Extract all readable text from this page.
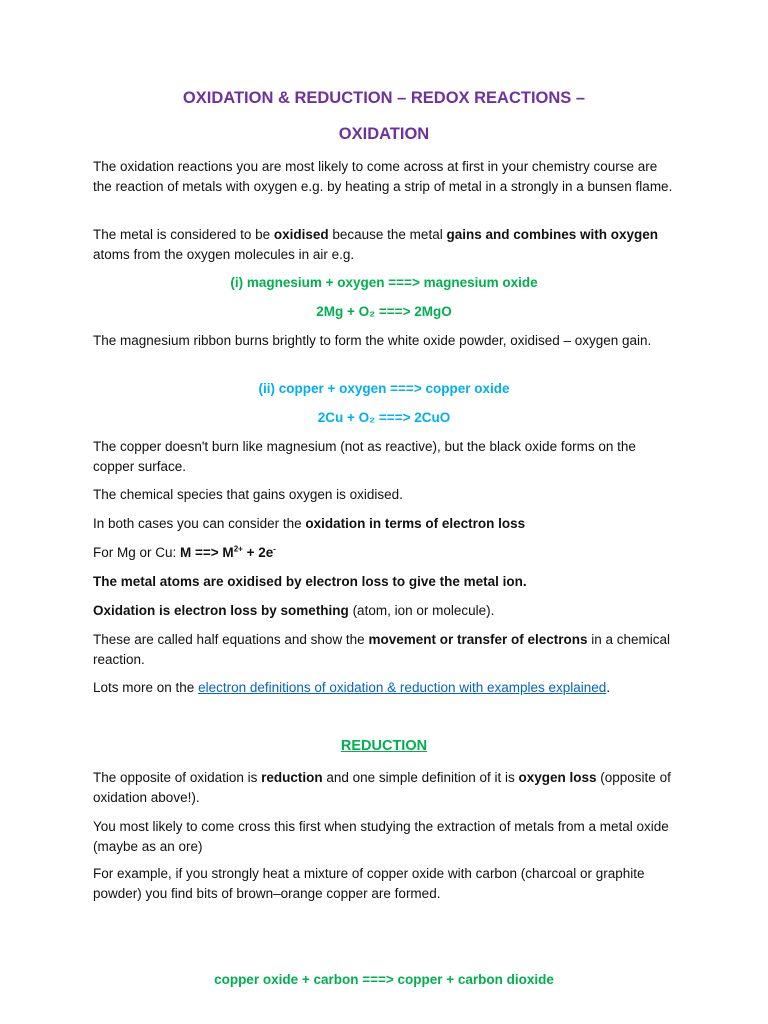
OXIDATION & REDUCTION – REDOX REACTIONS –
OXIDATION
The oxidation reactions you are most likely to come across at first in your chemistry course are the reaction of metals with oxygen e.g. by heating a strip of metal in a strongly in a bunsen flame.
The metal is considered to be oxidised because the metal gains and combines with oxygen atoms from the oxygen molecules in air e.g.
(i) magnesium + oxygen ===> magnesium oxide
2Mg + O₂ ===> 2MgO
The magnesium ribbon burns brightly to form the white oxide powder, oxidised – oxygen gain.
(ii) copper + oxygen ===> copper oxide
2Cu + O₂ ===> 2CuO
The copper doesn't burn like magnesium (not as reactive), but the black oxide forms on the copper surface.
The chemical species that gains oxygen is oxidised.
In both cases you can consider the oxidation in terms of electron loss
For Mg or Cu: M ==> $M^{2+} + 2e^-$
The metal atoms are oxidised by electron loss to give the metal ion.
Oxidation is electron loss by something (atom, ion or molecule).
These are called half equations and show the movement or transfer of electrons in a chemical reaction.
Lots more on the electron definitions of oxidation & reduction with examples explained.
REDUCTION
The opposite of oxidation is reduction and one simple definition of it is oxygen loss (opposite of oxidation above!).
You most likely to come cross this first when studying the extraction of metals from a metal oxide (maybe as an ore)
For example, if you strongly heat a mixture of copper oxide with carbon (charcoal or graphite powder) you find bits of brown–orange copper are formed.
copper oxide + carbon ===> copper + carbon dioxide
